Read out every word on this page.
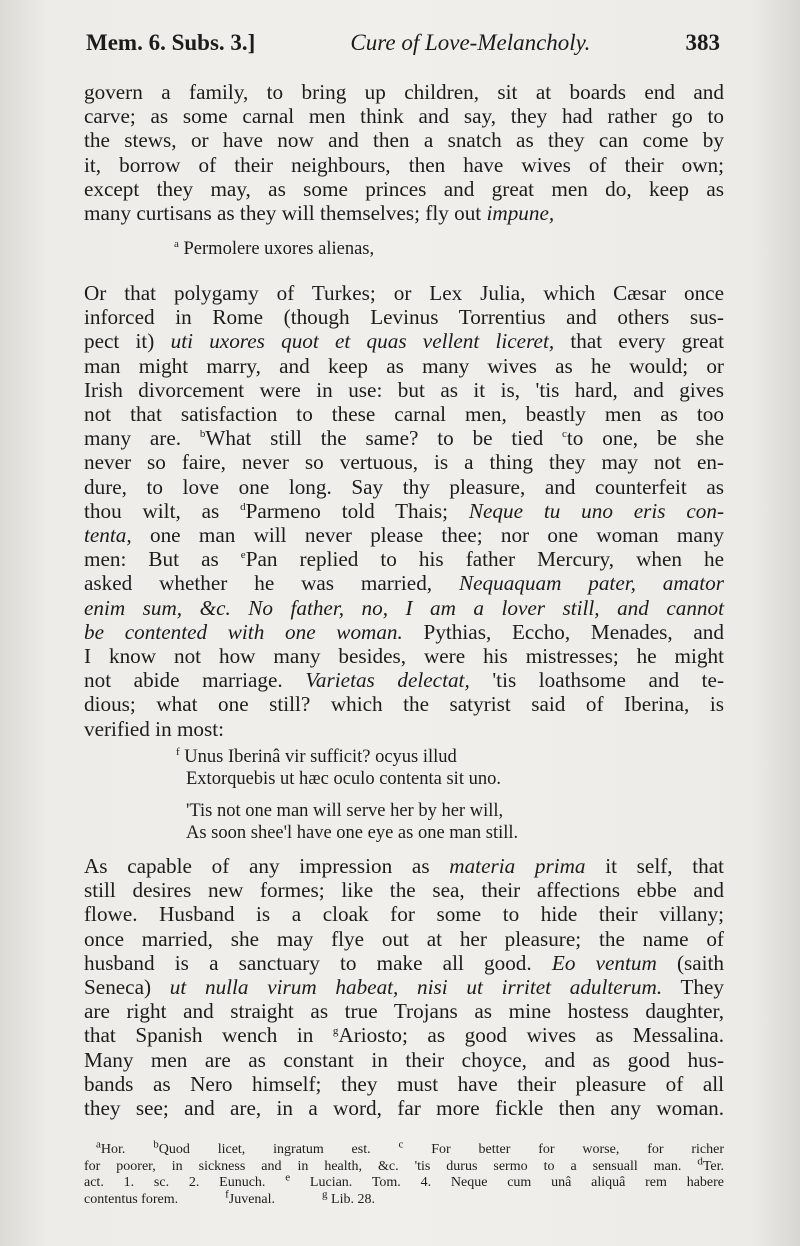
Mem. 6. Subs. 3.]	Cure of Love-Melancholy.	383
govern a family, to bring up children, sit at boards end and
carve; as some carnal men think and say, they had rather go to
the stews, or have now and then a snatch as they can come by
it, borrow of their neighbours, then have wives of their own;
except they may, as some princes and great men do, keep as
many curtisans as they will themselves; fly out impune,
$^a$ Permolere uxores alienas,
Or that polygamy of Turkes; or Lex Julia, which Cæsar once
inforced in Rome (though Levinus Torrentius and others sus-
pect it) uti uxores quot et quas vellent liceret, that every great
man might marry, and keep as many wives as he would; or
Irish divorcement were in use: but as it is, 'tis hard, and gives
not that satisfaction to these carnal men, beastly men as too
many are. $^b$What still the same? to be tied $^c$to one, be she
never so faire, never so vertuous, is a thing they may not en-
dure, to love one long. Say thy pleasure, and counterfeit as
thou wilt, as $^d$Parmeno told Thais; Neque tu uno eris con-
tenta, one man will never please thee; nor one woman many
men: But as $^e$Pan replied to his father Mercury, when he
asked whether he was married, Nequaquam pater, amator
enim sum, &c. No father, no, I am a lover still, and cannot
be contented with one woman. Pythias, Eccho, Menades, and
I know not how many besides, were his mistresses; he might
not abide marriage. Varietas delectat, 'tis loathsome and te-
dious; what one still? which the satyrist said of Iberina, is
verified in most:
$^f$ Unus Iberinâ vir sufficit? ocyus illud
Extorquebis ut hæc oculo contenta sit uno.
'Tis not one man will serve her by her will,
As soon shee'l have one eye as one man still.
As capable of any impression as materia prima it self, that
still desires new formes; like the sea, their affections ebbe and
flowe. Husband is a cloak for some to hide their villany;
once married, she may flye out at her pleasure; the name of
husband is a sanctuary to make all good. Eo ventum (saith
Seneca) ut nulla virum habeat, nisi ut irritet adulterum. They
are right and straight as true Trojans as mine hostess daughter,
that Spanish wench in $^g$Ariosto; as good wives as Messalina.
Many men are as constant in their choyce, and as good hus-
bands as Nero himself; they must have their pleasure of all
they see; and are, in a word, far more fickle then any woman.
$^a$Hor.	$^b$Quod licet, ingratum est.	$^c$ For better for worse, for richer
for poorer, in sickness and in health, &c. 'tis durus sermo to a sensuall man. $^d$Ter.
act. 1. sc. 2. Eunuch. $^e$ Lucian. Tom. 4. Neque cum unâ aliquâ rem habere
contentus forem.	$^f$Juvenal.	$^g$ Lib. 28.
